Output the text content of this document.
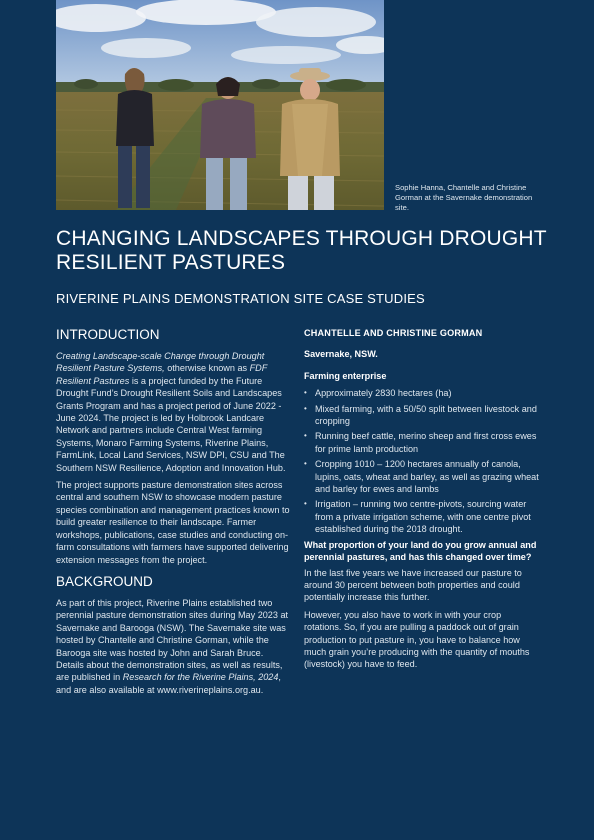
Sophie Hanna, Chantelle and Christine Gorman at the Savernake demonstration site.
CHANGING LANDSCAPES THROUGH DROUGHT RESILIENT PASTURES
RIVERINE PLAINS DEMONSTRATION SITE CASE STUDIES
INTRODUCTION

Creating Landscape-scale Change through Drought Resilient Pasture Systems, otherwise known as FDF Resilient Pastures is a project funded by the Future Drought Fund’s Drought Resilient Soils and Landscapes Grants Program and has a project period of June 2022 - June 2024. The project is led by Holbrook Landcare Network and partners include Central West farming Systems, Monaro Farming Systems, Riverine Plains, FarmLink, Local Land Services, NSW DPI, CSU and The Southern NSW Resilience, Adoption and Innovation Hub.

The project supports pasture demonstration sites across central and southern NSW to showcase modern pasture species combination and management practices known to build greater resilience to their landscape. Farmer workshops, publications, case studies and conducting on-farm consultations with farmers have supported delivering extension messages from the project.

BACKGROUND

As part of this project, Riverine Plains established two perennial pasture demonstration sites during May 2023 at Savernake and Barooga (NSW). The Savernake site was hosted by Chantelle and Christine Gorman, while the Barooga site was hosted by John and Sarah Bruce. Details about the demonstration sites, as well as results, are published in Research for the Riverine Plains, 2024, and are also available at www.riverineplains.org.au.

CHANTELLE AND CHRISTINE GORMAN
Savernake, NSW.
Farming enterprise
• Approximately 2830 hectares (ha)
• Mixed farming, with a 50/50 split between livestock and cropping
• Running beef cattle, merino sheep and first cross ewes for prime lamb production
• Cropping 1010 – 1200 hectares annually of canola, lupins, oats, wheat and barley, as well as grazing wheat and barley for ewes and lambs
• Irrigation – running two centre-pivots, sourcing water from a private irrigation scheme, with one centre pivot established during the 2018 drought.
What proportion of your land do you grow annual and perennial pastures, and has this changed over time?

In the last five years we have increased our pasture to around 30 percent between both properties and could potentially increase this further.

However, you also have to work in with your crop rotations. So, if you are pulling a paddock out of grain production to put pasture in, you have to balance how much grain you’re producing with the quantity of mouths (livestock) you have to feed.
